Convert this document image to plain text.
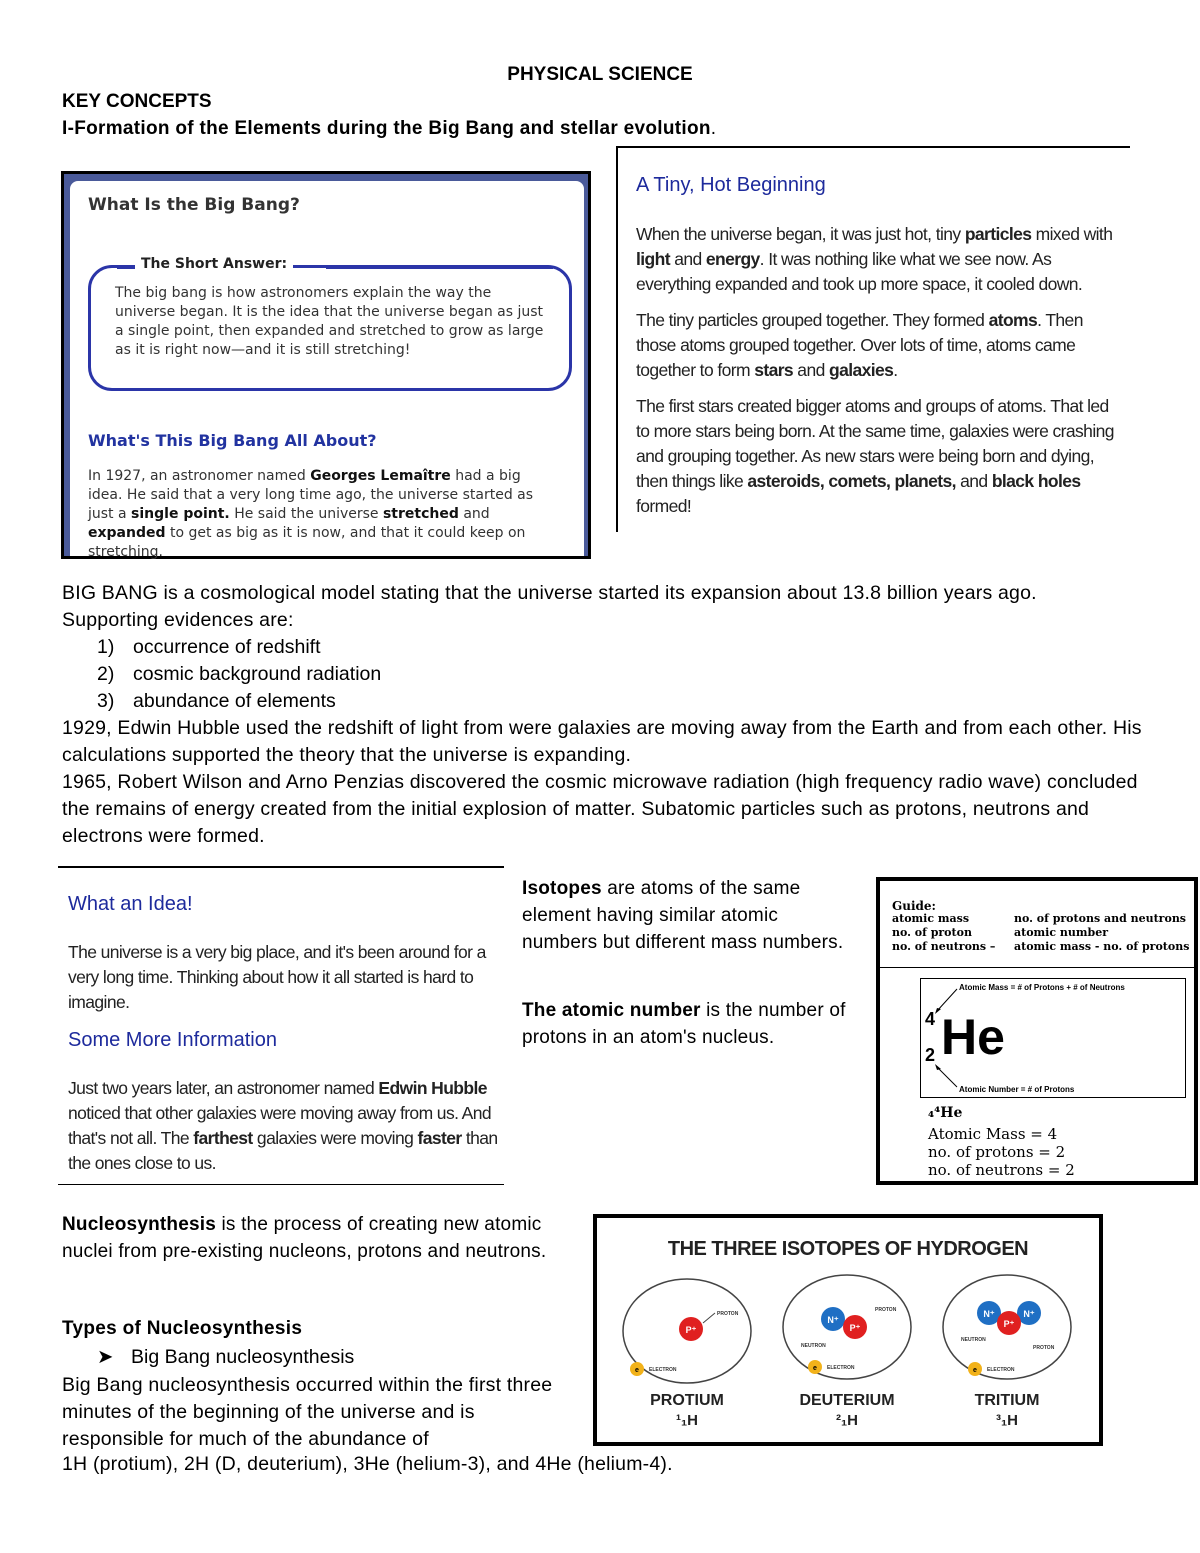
PHYSICAL SCIENCE
KEY CONCEPTS
I-Formation of the Elements during the Big Bang and stellar evolution.
What Is the Big Bang?
The Short Answer:
The big bang is how astronomers explain the way the universe began. It is the idea that the universe began as just a single point, then expanded and stretched to grow as large as it is right now—and it is still stretching!
What's This Big Bang All About?
In 1927, an astronomer named Georges Lemaître had a big idea. He said that a very long time ago, the universe started as just a single point. He said the universe stretched and expanded to get as big as it is now, and that it could keep on stretching.
A Tiny, Hot Beginning
When the universe began, it was just hot, tiny particles mixed with light and energy. It was nothing like what we see now. As everything expanded and took up more space, it cooled down.
The tiny particles grouped together. They formed atoms. Then those atoms grouped together. Over lots of time, atoms came together to form stars and galaxies.
The first stars created bigger atoms and groups of atoms. That led to more stars being born. At the same time, galaxies were crashing and grouping together. As new stars were being born and dying, then things like asteroids, comets, planets, and black holes formed!
BIG BANG is a cosmological model stating that the universe started its expansion about 13.8 billion years ago.
Supporting evidences are:
1) occurrence of redshift
2) cosmic background radiation
3) abundance of elements
1929, Edwin Hubble used the redshift of light from were galaxies are moving away from the Earth and from each other. His calculations supported the theory that the universe is expanding.
1965, Robert Wilson and Arno Penzias discovered the cosmic microwave radiation (high frequency radio wave) concluded the remains of energy created from the initial explosion of matter. Subatomic particles such as protons, neutrons and electrons were formed.
What an Idea!
The universe is a very big place, and it's been around for a very long time. Thinking about how it all started is hard to imagine.
Some More Information
Just two years later, an astronomer named Edwin Hubble noticed that other galaxies were moving away from us. And that's not all. The farthest galaxies were moving faster than the ones close to us.
Isotopes are atoms of the same element having similar atomic numbers but different mass numbers.
The atomic number is the number of protons in an atom's nucleus.
Guide:
atomic mass
no. of proton
no. of neutrons –
no. of protons and neutrons
atomic number
atomic mass - no. of protons
Atomic Mass = # of Protons + # of Neutrons
Atomic Number = # of Protons
4
2 He
₄⁴He
Atomic Mass = 4
no. of protons = 2
no. of neutrons = 2
Nucleosynthesis is the process of creating new atomic nuclei from pre-existing nucleons, protons and neutrons.
Types of Nucleosynthesis
➤ Big Bang nucleosynthesis
Big Bang nucleosynthesis occurred within the first three minutes of the beginning of the universe and is responsible for much of the abundance of
1H (protium), 2H (D, deuterium), 3He (helium-3), and 4He (helium-4).
THE THREE ISOTOPES OF HYDROGEN
P⁺
e
PROTON
ELECTRON
N⁺
P⁺
e
PROTON
NEUTRON
ELECTRON
N⁺	N⁺
P⁺
e
NEUTRON
PROTON
ELECTRON
PROTIUM
¹₁H
DEUTERIUM
²₁H
TRITIUM
³₁H
